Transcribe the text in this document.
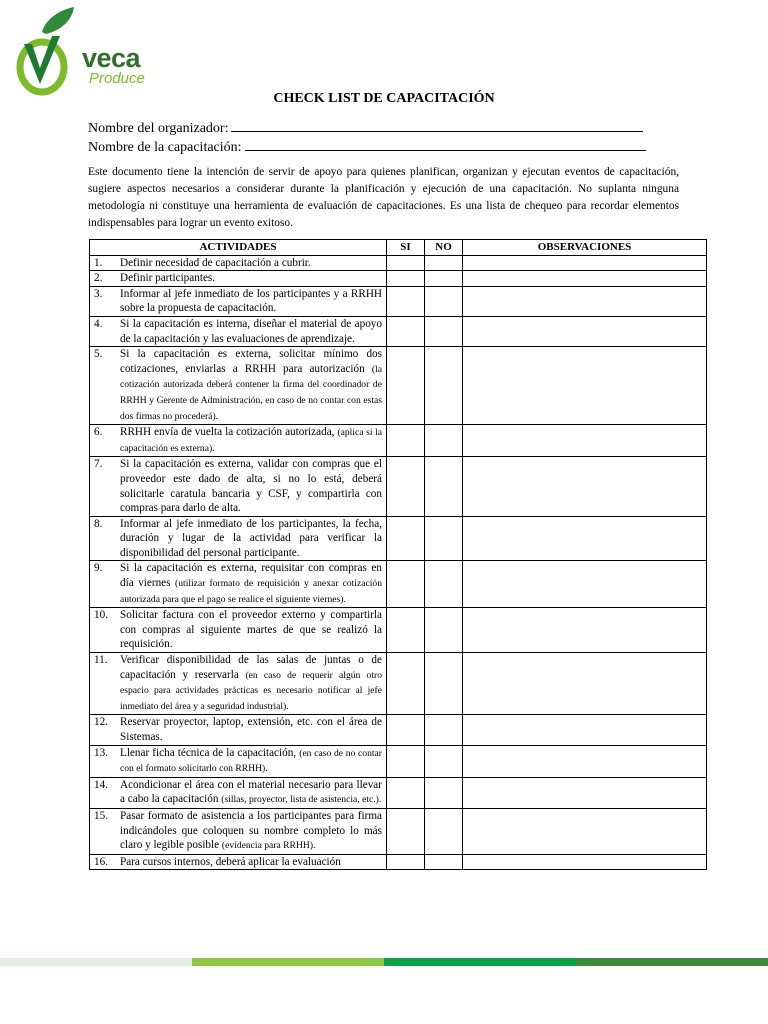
veca
Produce
CHECK LIST DE CAPACITACIÓN
Nombre del organizador:
Nombre de la capacitación:
Este documento tiene la intención de servir de apoyo para quienes planifican, organizan y ejecutan eventos de capacitación, sugiere aspectos necesarios a considerar durante la planificación y ejecución de una capacitación. No suplanta ninguna metodología ni constituye una herramienta de evaluación de capacitaciones. Es una lista de chequeo para recordar elementos indispensables para lograr un evento exitoso.
ACTIVIDADES	SI	NO	OBSERVACIONES

1. Definir necesidad de capacitación a cubrir.			

2. Definir participantes.			

3. Informar al jefe inmediato de los participantes y a RRHH sobre la propuesta de capacitación.			

4. Si la capacitación es interna, diseñar el material de apoyo de la capacitación y las evaluaciones de aprendizaje.			

5. Si la capacitación es externa, solicitar mínimo dos cotizaciones, enviarlas a RRHH para autorización (la cotización autorizada deberá contener la firma del coordinador de RRHH y Gerente de Administración, en caso de no contar con estas dos firmas no procederá).			

6. RRHH envía de vuelta la cotización autorizada, (aplica si la capacitación es externa).			

7. Si la capacitación es externa, validar con compras que el proveedor este dado de alta, si no lo está, deberá solicitarle caratula bancaria y CSF, y compartirla con compras para darlo de alta.			

8. Informar al jefe inmediato de los participantes, la fecha, duración y lugar de la actividad para verificar la disponibilidad del personal participante.			

9. Si la capacitación es externa, requisitar con compras en día viernes (utilizar formato de requisición y anexar cotización autorizada para que el pago se realice el siguiente viernes).			

10. Solicitar factura con el proveedor externo y compartirla con compras al siguiente martes de que se realizó la requisición.			

11. Verificar disponibilidad de las salas de juntas o de capacitación y reservarla (en caso de requerir algún otro espacio para actividades prácticas es necesario notificar al jefe inmediato del área y a seguridad industrial).			

12. Reservar proyector, laptop, extensión, etc. con el área de Sistemas.			

13. Llenar ficha técnica de la capacitación, (en caso de no contar con el formato solicitarlo con RRHH).			

14. Acondicionar el área con el material necesario para llevar a cabo la capacitación (sillas, proyector, lista de asistencia, etc.).			

15. Pasar formato de asistencia a los participantes para firma indicándoles que coloquen su nombre completo lo más claro y legible posible (evidencia para RRHH).			

16. Para cursos internos, deberá aplicar la evaluación			
